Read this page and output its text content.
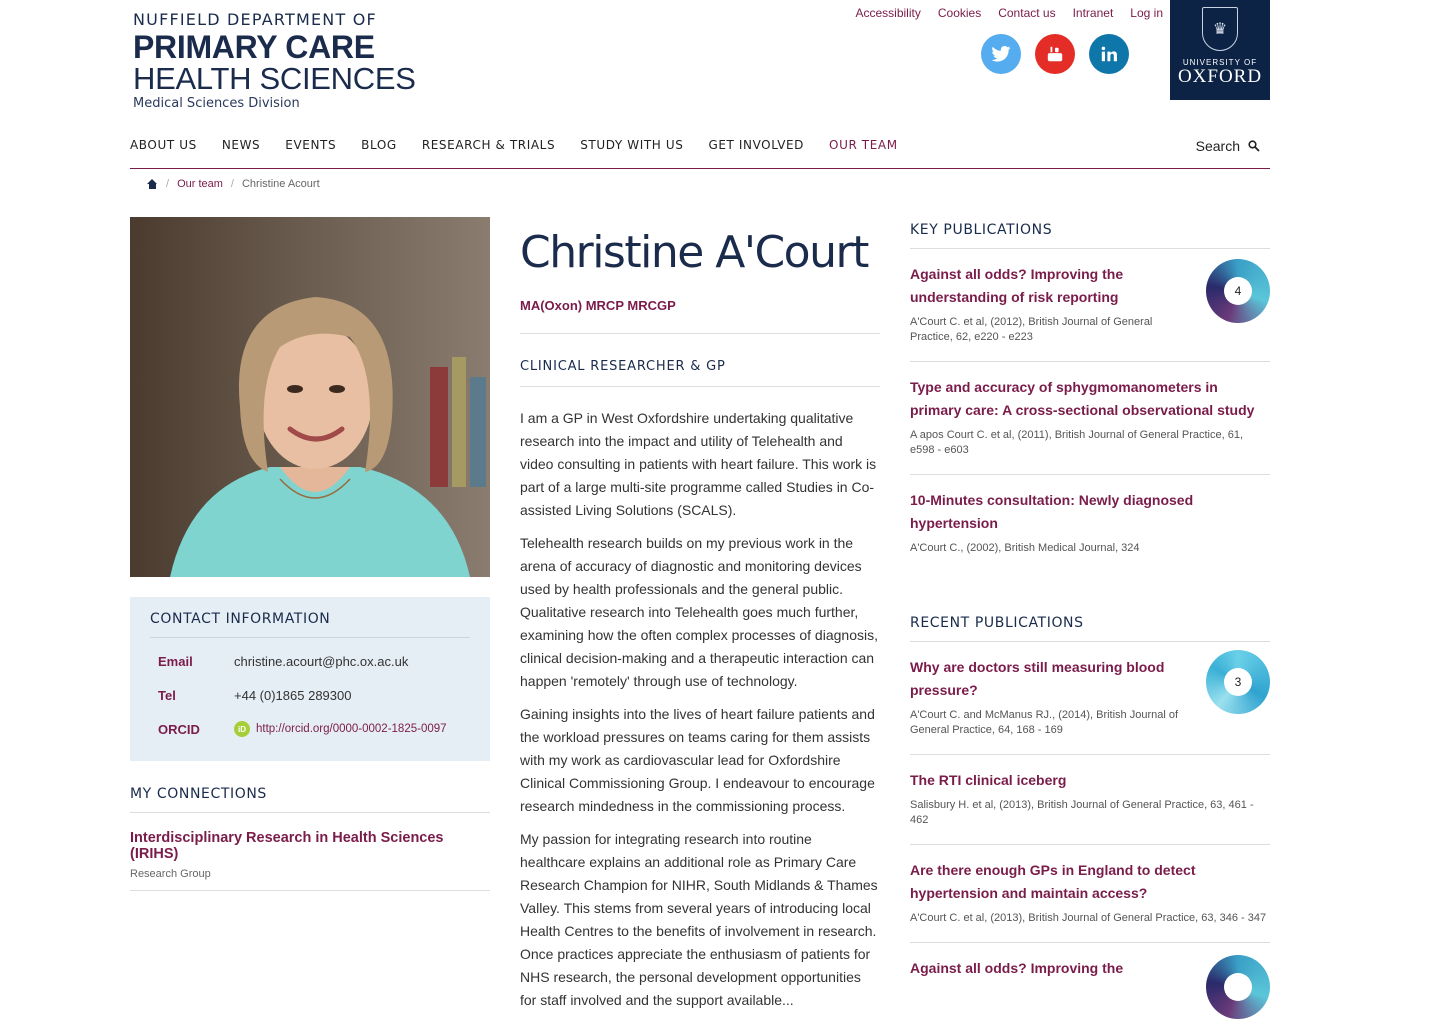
NUFFIELD DEPARTMENT OF
PRIMARY CARE
HEALTH SCIENCES
Medical Sciences Division
Accessibility Cookies Contact us Intranet Log in
♛
UNIVERSITY OF
OXFORD
ABOUT US NEWS EVENTS BLOG RESEARCH & TRIALS STUDY WITH US GET INVOLVED OUR TEAM	Search
/ Our team / Christine Acourt
CONTACT INFORMATION
Email	christine.acourt@phc.ox.ac.uk
Tel	+44 (0)1865 289300
ORCID	iD http://orcid.org/0000-0002-1825-0097
MY CONNECTIONS
Interdisciplinary Research in Health Sciences (IRIHS)
Research Group
Christine A'Court
MA(Oxon) MRCP MRCGP
CLINICAL RESEARCHER & GP

I am a GP in West Oxfordshire undertaking qualitative research into the impact and utility of Telehealth and video consulting in patients with heart failure. This work is part of a large multi-site programme called Studies in Co-assisted Living Solutions (SCALS).

Telehealth research builds on my previous work in the arena of accuracy of diagnostic and monitoring devices used by health professionals and the general public. Qualitative research into Telehealth goes much further, examining how the often complex processes of diagnosis, clinical decision-making and a therapeutic interaction can happen 'remotely' through use of technology.

Gaining insights into the lives of heart failure patients and the workload pressures on teams caring for them assists with my work as cardiovascular lead for Oxfordshire Clinical Commissioning Group. I endeavour to encourage research mindedness in the commissioning process.

My passion for integrating research into routine healthcare explains an additional role as Primary Care Research Champion for NIHR, South Midlands & Thames Valley. This stems from several years of introducing local Health Centres to the benefits of involvement in research. Once practices appreciate the enthusiasm of patients for NHS research, the personal development opportunities for staff involved and the support available...

KEY PUBLICATIONS
Against all odds? Improving the understanding of risk reporting
A'Court C. et al, (2012), British Journal of General Practice, 62, e220 - e223
4
Type and accuracy of sphygmomanometers in primary care: A cross-sectional observational study
A apos Court C. et al, (2011), British Journal of General Practice, 61, e598 - e603
10-Minutes consultation: Newly diagnosed hypertension
A'Court C., (2002), British Medical Journal, 324
RECENT PUBLICATIONS
Why are doctors still measuring blood pressure?
A'Court C. and McManus RJ., (2014), British Journal of General Practice, 64, 168 - 169
3
The RTI clinical iceberg
Salisbury H. et al, (2013), British Journal of General Practice, 63, 461 - 462
Are there enough GPs in England to detect hypertension and maintain access?
A'Court C. et al, (2013), British Journal of General Practice, 63, 346 - 347
Against all odds? Improving the
